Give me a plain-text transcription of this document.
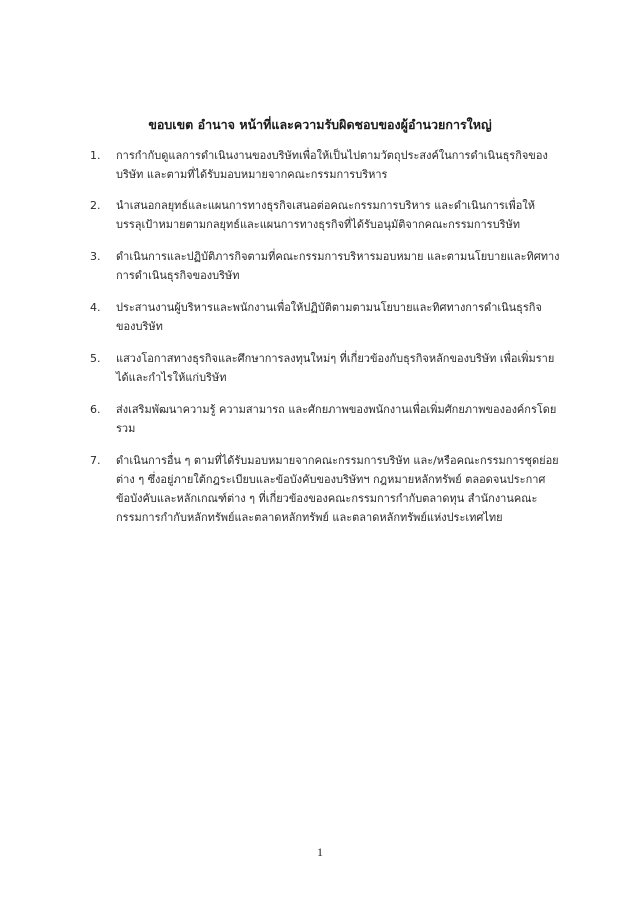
ขอบเขต อำนาจ หน้าที่และความรับผิดชอบของผู้อำนวยการใหญ่
1.	การกำกับดูแลการดำเนินงานของบริษัทเพื่อให้เป็นไปตามวัตถุประสงค์ในการดำเนินธุรกิจของบริษัท และตามที่ได้รับมอบหมายจากคณะกรรมการบริหาร
2.	นำเสนอกลยุทธ์และแผนการทางธุรกิจเสนอต่อคณะกรรมการบริหาร และดำเนินการเพื่อให้บรรลุเป้าหมายตามกลยุทธ์และแผนการทางธุรกิจที่ได้รับอนุมัติจากคณะกรรมการบริษัท
3.	ดำเนินการและปฏิบัติภารกิจตามที่คณะกรรมการบริหารมอบหมาย และตามนโยบายและทิศทางการดำเนินธุรกิจของบริษัท
4.	ประสานงานผู้บริหารและพนักงานเพื่อให้ปฏิบัติตามตามนโยบายและทิศทางการดำเนินธุรกิจของบริษัท
5.	แสวงโอกาสทางธุรกิจและศึกษาการลงทุนใหม่ๆ ที่เกี่ยวข้องกับธุรกิจหลักของบริษัท เพื่อเพิ่มรายได้และกำไรให้แก่บริษัท
6.	ส่งเสริมพัฒนาความรู้ ความสามารถ และศักยภาพของพนักงานเพื่อเพิ่มศักยภาพขององค์กรโดยรวม
7.	ดำเนินการอื่น ๆ ตามที่ได้รับมอบหมายจากคณะกรรมการบริษัท และ/หรือคณะกรรมการชุดย่อยต่าง ๆ ซึ่งอยู่ภายใต้กฎระเบียบและข้อบังคับของบริษัทฯ กฎหมายหลักทรัพย์ ตลอดจนประกาศ ข้อบังคับและหลักเกณฑ์ต่าง ๆ ที่เกี่ยวข้องของคณะกรรมการกำกับตลาดทุน สำนักงานคณะกรรมการกำกับหลักทรัพย์และตลาดหลักทรัพย์ และตลาดหลักทรัพย์แห่งประเทศไทย
1
